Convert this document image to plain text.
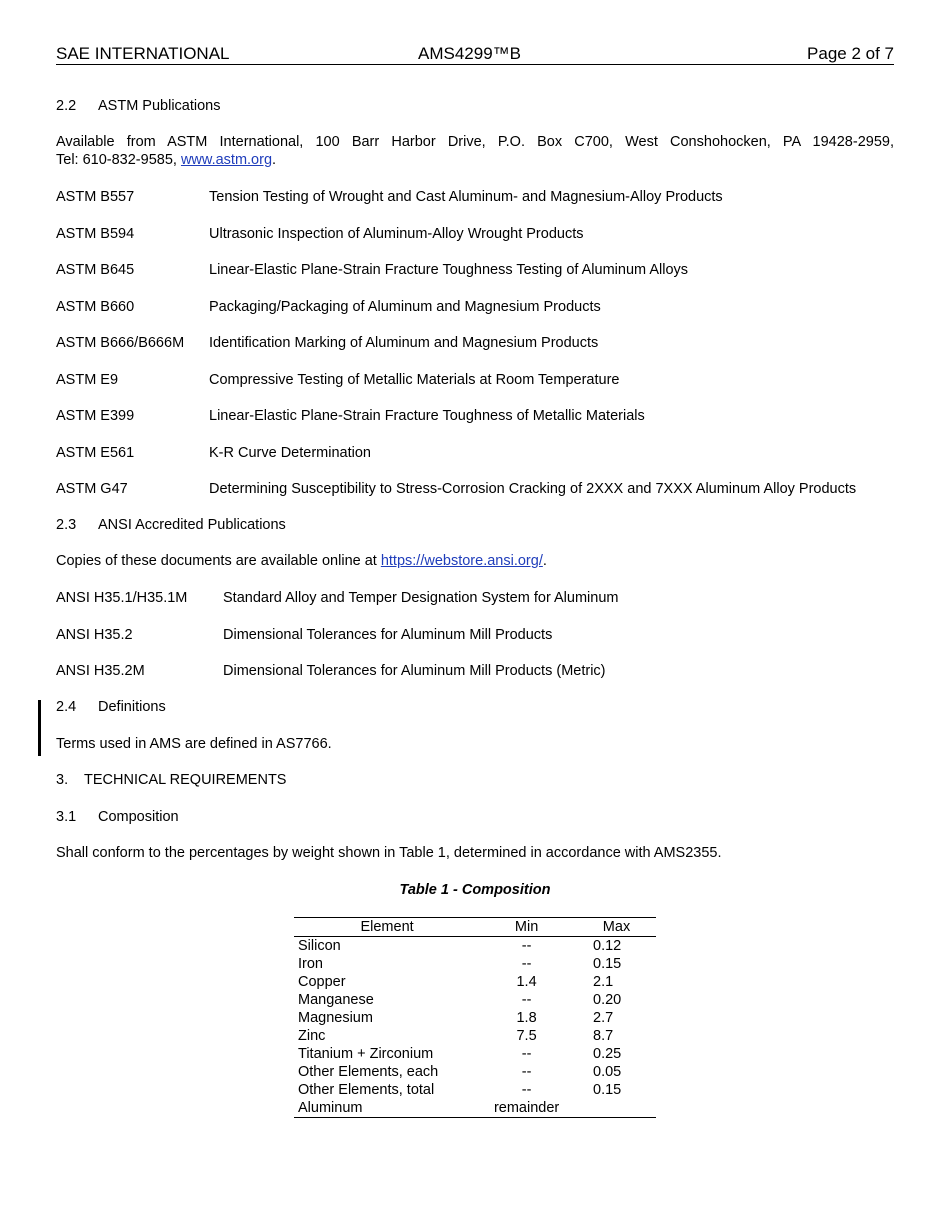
SAE INTERNATIONAL	AMS4299™B	Page 2 of 7
2.2 ASTM Publications
Available from ASTM International, 100 Barr Harbor Drive, P.O. Box C700, West Conshohocken, PA 19428-2959,
Tel: 610-832-9585, www.astm.org.
ASTM B557	Tension Testing of Wrought and Cast Aluminum- and Magnesium-Alloy Products
ASTM B594	Ultrasonic Inspection of Aluminum-Alloy Wrought Products
ASTM B645	Linear-Elastic Plane-Strain Fracture Toughness Testing of Aluminum Alloys
ASTM B660	Packaging/Packaging of Aluminum and Magnesium Products
ASTM B666/B666M Identification Marking of Aluminum and Magnesium Products
ASTM E9	Compressive Testing of Metallic Materials at Room Temperature
ASTM E399	Linear-Elastic Plane-Strain Fracture Toughness of Metallic Materials
ASTM E561	K-R Curve Determination
ASTM G47	Determining Susceptibility to Stress-Corrosion Cracking of 2XXX and 7XXX Aluminum Alloy Products
2.3 ANSI Accredited Publications
Copies of these documents are available online at https://webstore.ansi.org/.
ANSI H35.1/H35.1M Standard Alloy and Temper Designation System for Aluminum
ANSI H35.2	Dimensional Tolerances for Aluminum Mill Products
ANSI H35.2M	Dimensional Tolerances for Aluminum Mill Products (Metric)
2.4 Definitions
Terms used in AMS are defined in AS7766.
3. TECHNICAL REQUIREMENTS
3.1 Composition
Shall conform to the percentages by weight shown in Table 1, determined in accordance with AMS2355.
Table 1 - Composition
Element	Min	Max
Silicon	--	0.12
Iron	--	0.15
Copper	1.4	2.1
Manganese	--	0.20
Magnesium	1.8	2.7
Zinc	7.5	8.7
Titanium + Zirconium	--	0.25
Other Elements, each	--	0.05
Other Elements, total	--	0.15
Aluminum	remainder	
